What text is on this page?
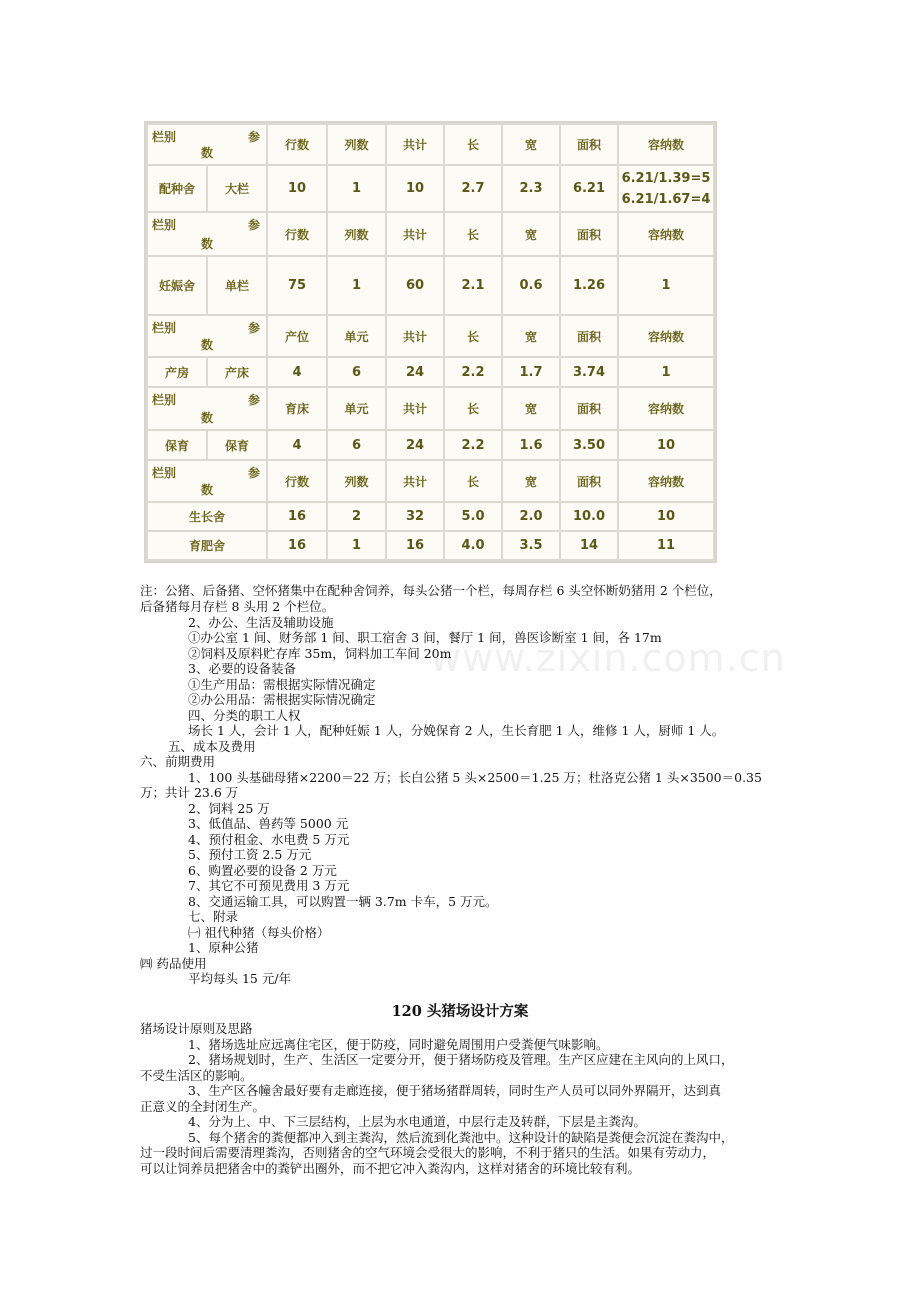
www.zixin.com.cn
栏别 参
数		行数	列数	共计	长	宽	面积	容纳数
配种舍	大栏	10	1	10	2.7	2.3	6.21	6.21/1.39=5
6.21/1.67=4

栏别 参
数		行数	列数	共计	长	宽	面积	容纳数
妊娠舍	单栏	75	1	60	2.1	0.6	1.26	1

栏别 参
数		产位	单元	共计	长	宽	面积	容纳数
产房	产床	4	6	24	2.2	1.7	3.74	1

栏别 参
数		育床	单元	共计	长	宽	面积	容纳数
保育	保育	4	6	24	2.2	1.6	3.50	10

栏别 参
数		行数	列数	共计	长	宽	面积	容纳数
生长舍		16	2	32	5.0	2.0	10.0	10
育肥舍		16	1	16	4.0	3.5	14	11
注：公猪、后备猪、空怀猪集中在配种舍饲养，每头公猪一个栏，每周存栏 6 头空怀断奶猪用 2 个栏位，
后备猪每月存栏 8 头用 2 个栏位。
2、办公、生活及辅助设施
①办公室 1 间、财务部 1 间、职工宿舍 3 间，餐厅 1 间，兽医诊断室 1 间，各 17m
②饲料及原料贮存库 35m，饲料加工车间 20m
3、必要的设备装备
①生产用品：需根据实际情况确定
②办公用品：需根据实际情况确定
四、分类的职工人权
场长 1 人，会计 1 人，配种妊娠 1 人，分娩保育 2 人，生长育肥 1 人，维修 1 人，厨师 1 人。
五、成本及费用
六、前期费用
1、100 头基础母猪×2200＝22 万；长白公猪 5 头×2500＝1.25 万；杜洛克公猪 1 头×3500＝0.35
万；共计 23.6 万
2、饲料 25 万
3、低值品、兽药等 5000 元
4、预付租金、水电费 5 万元
5、预付工资 2.5 万元
6、购置必要的设备 2 万元
7、其它不可预见费用 3 万元
8、交通运输工具，可以购置一辆 3.7m 卡车，5 万元。
七、附录
㈠ 祖代种猪（每头价格）
1、原种公猪
㈣ 药品使用
平均每头 15 元/年
120 头猪场设计方案
猪场设计原则及思路
1、猪场选址应远离住宅区，便于防疫，同时避免周围用户受粪便气味影响。
2、猪场规划时，生产、生活区一定要分开，便于猪场防疫及管理。生产区应建在主风向的上风口，
不受生活区的影响。
3、生产区各幢舍最好要有走廊连接，便于猪场猪群周转，同时生产人员可以同外界隔开，达到真
正意义的全封闭生产。
4、分为上、中、下三层结构，上层为水电通道，中层行走及转群，下层是主粪沟。
5、每个猪舍的粪便都冲入到主粪沟，然后流到化粪池中。这种设计的缺陷是粪便会沉淀在粪沟中，
过一段时间后需要清理粪沟，否则猪舍的空气环境会受很大的影响，不利于猪只的生活。如果有劳动力，
可以让饲养员把猪舍中的粪铲出圈外，而不把它冲入粪沟内，这样对猪舍的环境比较有利。
